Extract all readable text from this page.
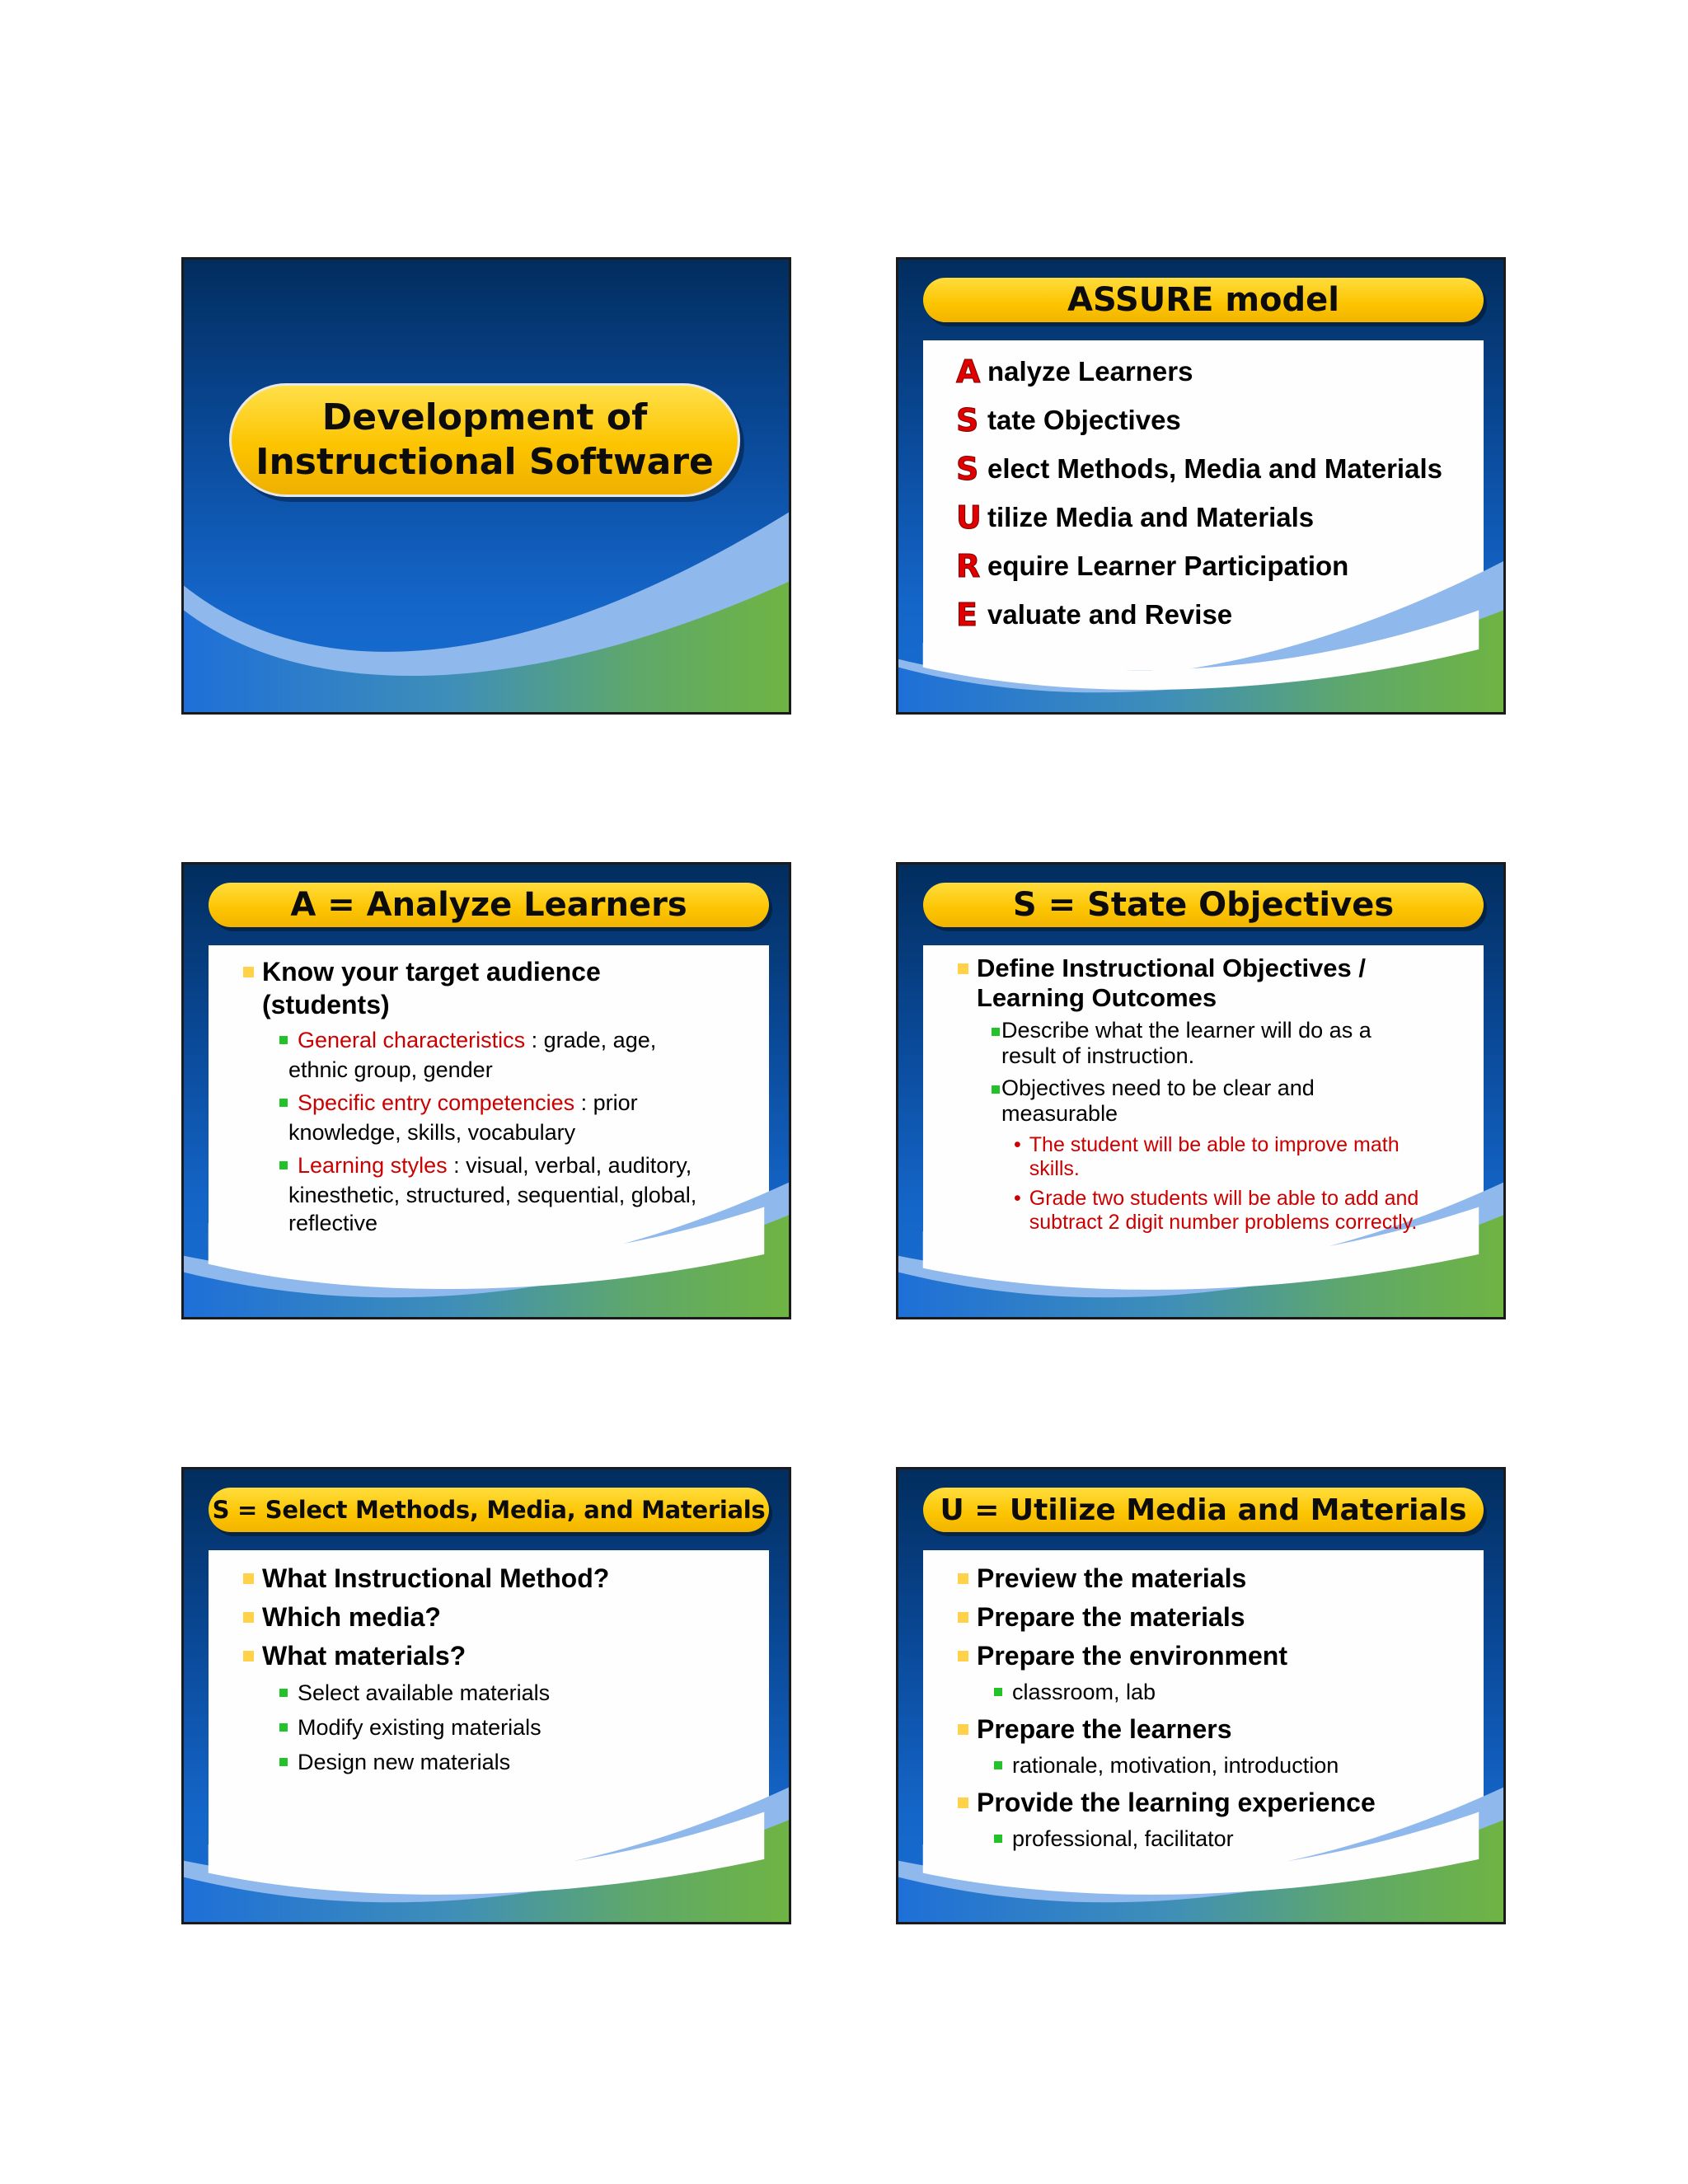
Development of
Instructional Software
ASSURE model
A nalyze Learners
S tate Objectives
S elect Methods, Media and Materials
U tilize Media and Materials
R equire Learner Participation
E valuate and Revise
A = Analyze Learners
Know your target audience
(students)
General characteristics : grade, age,
ethnic group, gender
Specific entry competencies : prior
knowledge, skills, vocabulary
Learning styles : visual, verbal, auditory,
kinesthetic, structured, sequential, global,
reflective
S = State Objectives
Define Instructional Objectives /
Learning Outcomes
Describe what the learner will do as a
result of instruction.
Objectives need to be clear and
measurable
• The student will be able to improve math
skills.
• Grade two students will be able to add and
subtract 2 digit number problems correctly.
S = Select Methods, Media, and Materials
What Instructional Method?
Which media?
What materials?
Select available materials
Modify existing materials
Design new materials
U = Utilize Media and Materials
Preview the materials
Prepare the materials
Prepare the environment
classroom, lab
Prepare the learners
rationale, motivation, introduction
Provide the learning experience
professional, facilitator
